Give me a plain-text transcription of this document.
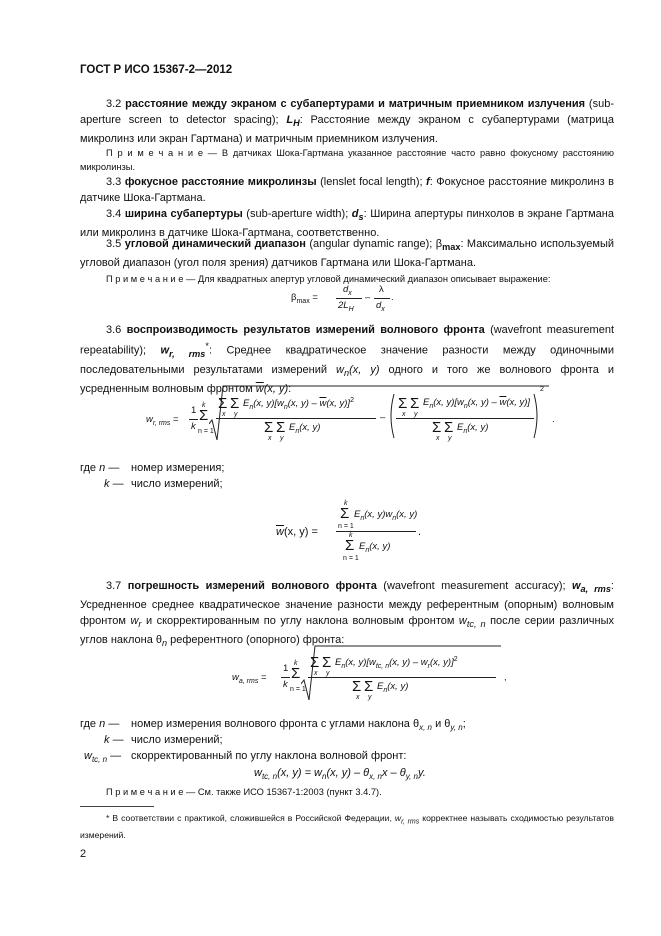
ГОСТ Р ИСО 15367-2—2012
3.2 расстояние между экраном с субапертурами и матричным приемником излучения (sub-aperture screen to detector spacing); $L_H$: Расстояние между экраном с субапертурами (матрица микролинз или экран Гартмана) и матричным приемником излучения.
П р и м е ч а н и е — В датчиках Шока-Гартмана указанное расстояние часто равно фокусному расстоянию микролинзы.
3.3 фокусное расстояние микролинзы (lenslet focal length); f: Фокусное расстояние микролинз в датчике Шока-Гартмана.
3.4 ширина субапертуры (sub-aperture width); $d_s$: Ширина апертуры пинхолов в экране Гартмана или микролинз в датчике Шока-Гартмана, соответственно.
3.5 угловой динамический диапазон (angular dynamic range); $\beta_{max}$: Максимально используемый угловой диапазон (угол поля зрения) датчиков Гартмана или Шока-Гартмана.
П р и м е ч а н и е — Для квадратных апертур угловой динамический диапазон описывает выражение:
$\beta_{max}$ =
$d_x$
$2L_H$
–
λ
$d_x$
.
3.6 воспроизводимость результатов измерений волнового фронта (wavefront measurement repeatability); $w_{r, rms}^*$: Среднее квадратическое значение разности между одиночными последовательными результатами измерений $w_n(x$, y) одного и того же волнового фронта и усредненным волновым фронтом $\overline{w}(x$, y):
$w_{r, rms}$ =
1
k
k
Σ
n = 1
Σ Σ
x y
$E_n(x$, $y)[w_n(x$, $y) - \overline{w}(x$, y)]$^2$
Σ Σ
x y
$E_n(x$, y)
–
Σ Σ
x y
$E_n(x$, $y)[w_n(x$, $y) - \overline{w}(x$, y)]
Σ Σ
x y
$E_n(x$, y)
2
.
где n — номер измерения;
k — число измерений;
$\overline{w}(x$, y) =
k
Σ
n = 1
$E_n(x$, $y)w_n(x$, y)
k
Σ
n = 1
$E_n(x$, y)
.
3.7 погрешность измерений волнового фронта (wavefront measurement accuracy); $w_{a, rms}$: Усредненное среднее квадратическое значение разности между референтным (опорным) волновым фронтом $w_r$ и скорректированным по углу наклона волновым фронтом $w_{tc, n}$ после серии различных углов наклона $\theta_n$ референтного (опорного) фронта:
$w_{a, rms}$ =
1
k
k
Σ
n = 1
Σ Σ
x y
$E_n(x$, $y)[w_{tc, n}(x$, $y) - w_r(x$, y)]$^2$
Σ Σ
x y
$E_n(x$, y)
,
где n — номер измерения волнового фронта с углами наклона $\theta_{x, n}$ и $\theta_{y, n}$;
k — число измерений;
$w_{tc, n}$ — скорректированный по углу наклона волновой фронт:
$w_{tc, n}(x$, $y) = w_n(x$, $y) - \theta_{x, n}x - \theta_{y, n}y$.
П р и м е ч а н и е — См. также ИСО 15367-1:2003 (пункт 3.4.7).
* В соответствии с практикой, сложившейся в Российской Федерации, $w_{r, rms}$ корректнее называть сходимостью результатов измерений.
2
